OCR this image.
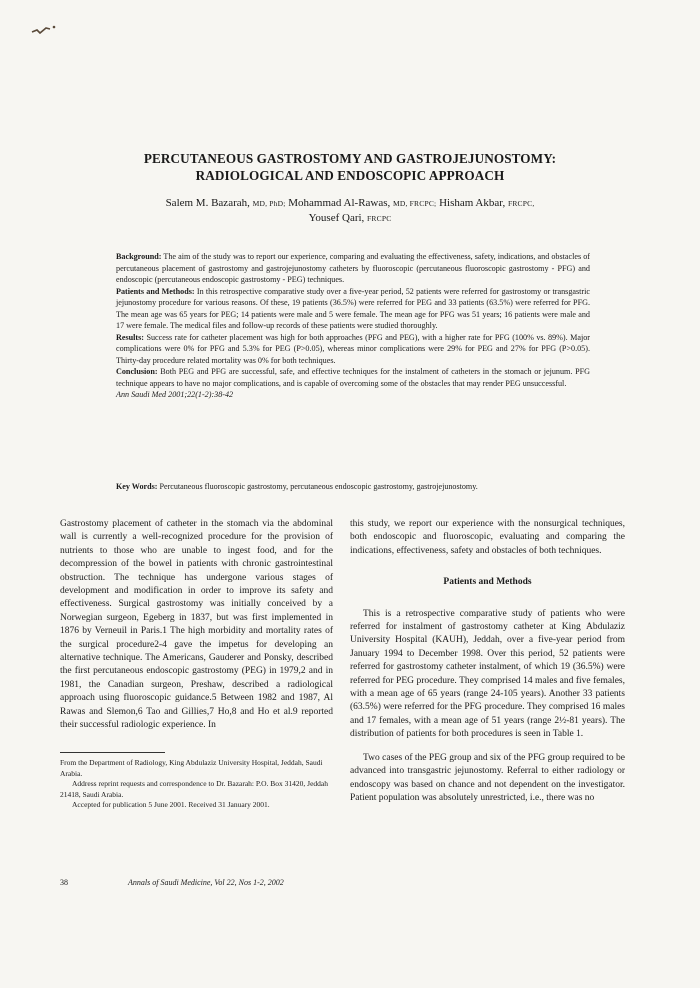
PERCUTANEOUS GASTROSTOMY AND GASTROJEJUNOSTOMY:
RADIOLOGICAL AND ENDOSCOPIC APPROACH
Salem M. Bazarah, MD, PhD; Mohammad Al-Rawas, MD, FRCPC; Hisham Akbar, FRCPC,
Yousef Qari, FRCPC

Background: The aim of the study was to report our experience, comparing and evaluating the effectiveness, safety, indications, and obstacles of percutaneous placement of gastrostomy and gastrojejunostomy catheters by fluoroscopic (percutaneous fluoroscopic gastrostomy - PFG) and endoscopic (percutaneous endoscopic gastrostomy - PEG) techniques.

Patients and Methods: In this retrospective comparative study over a five-year period, 52 patients were referred for gastrostomy or transgastric jejunostomy procedure for various reasons. Of these, 19 patients (36.5%) were referred for PEG and 33 patients (63.5%) were referred for PFG. The mean age was 65 years for PEG; 14 patients were male and 5 were female. The mean age for PFG was 51 years; 16 patients were male and 17 were female. The medical files and follow-up records of these patients were studied thoroughly.

Results: Success rate for catheter placement was high for both approaches (PFG and PEG), with a higher rate for PFG (100% vs. 89%). Major complications were 0% for PFG and 5.3% for PEG (P>0.05), whereas minor complications were 29% for PEG and 27% for PFG (P>0.05). Thirty-day procedure related mortality was 0% for both techniques.

Conclusion: Both PEG and PFG are successful, safe, and effective techniques for the instalment of catheters in the stomach or jejunum. PFG technique appears to have no major complications, and is capable of overcoming some of the obstacles that may render PEG unsuccessful.

Ann Saudi Med 2001;22(1-2):38-42

Key Words: Percutaneous fluoroscopic gastrostomy, percutaneous endoscopic gastrostomy, gastrojejunostomy.

Gastrostomy placement of catheter in the stomach via the abdominal wall is currently a well-recognized procedure for the provision of nutrients to those who are unable to ingest food, and for the decompression of the bowel in patients with chronic gastrointestinal obstruction. The technique has undergone various stages of development and modification in order to improve its safety and effectiveness. Surgical gastrostomy was initially conceived by a Norwegian surgeon, Egeberg in 1837, but was first implemented in 1876 by Verneuil in Paris.1 The high morbidity and mortality rates of the surgical procedure2-4 gave the impetus for developing an alternative technique. The Americans, Gauderer and Ponsky, described the first percutaneous endoscopic gastrostomy (PEG) in 1979,2 and in 1981, the Canadian surgeon, Preshaw, described a radiological approach using fluoroscopic guidance.5 Between 1982 and 1987, Al Rawas and Slemon,6 Tao and Gillies,7 Ho,8 and Ho et al.9 reported their successful radiologic experience. In

this study, we report our experience with the nonsurgical techniques, both endoscopic and fluoroscopic, evaluating and comparing the indications, effectiveness, safety and obstacles of both techniques.

Patients and Methods

This is a retrospective comparative study of patients who were referred for instalment of gastrostomy catheter at King Abdulaziz University Hospital (KAUH), Jeddah, over a five-year period from January 1994 to December 1998. Over this period, 52 patients were referred for gastrostomy catheter instalment, of which 19 (36.5%) were referred for PEG procedure. They comprised 14 males and five females, with a mean age of 65 years (range 24-105 years). Another 33 patients (63.5%) were referred for the PFG procedure. They comprised 16 males and 17 females, with a mean age of 51 years (range 2½-81 years). The distribution of patients for both procedures is seen in Table 1.

Two cases of the PEG group and six of the PFG group required to be advanced into transgastric jejunostomy. Referral to either radiology or endoscopy was based on chance and not dependent on the investigator. Patient population was absolutely unrestricted, i.e., there was no

From the Department of Radiology, King Abdulaziz University Hospital, Jeddah, Saudi Arabia.

Address reprint requests and correspondence to Dr. Bazarah: P.O. Box 31420, Jeddah 21418, Saudi Arabia.

Accepted for publication 5 June 2001. Received 31 January 2001.

38	Annals of Saudi Medicine, Vol 22, Nos 1-2, 2002
